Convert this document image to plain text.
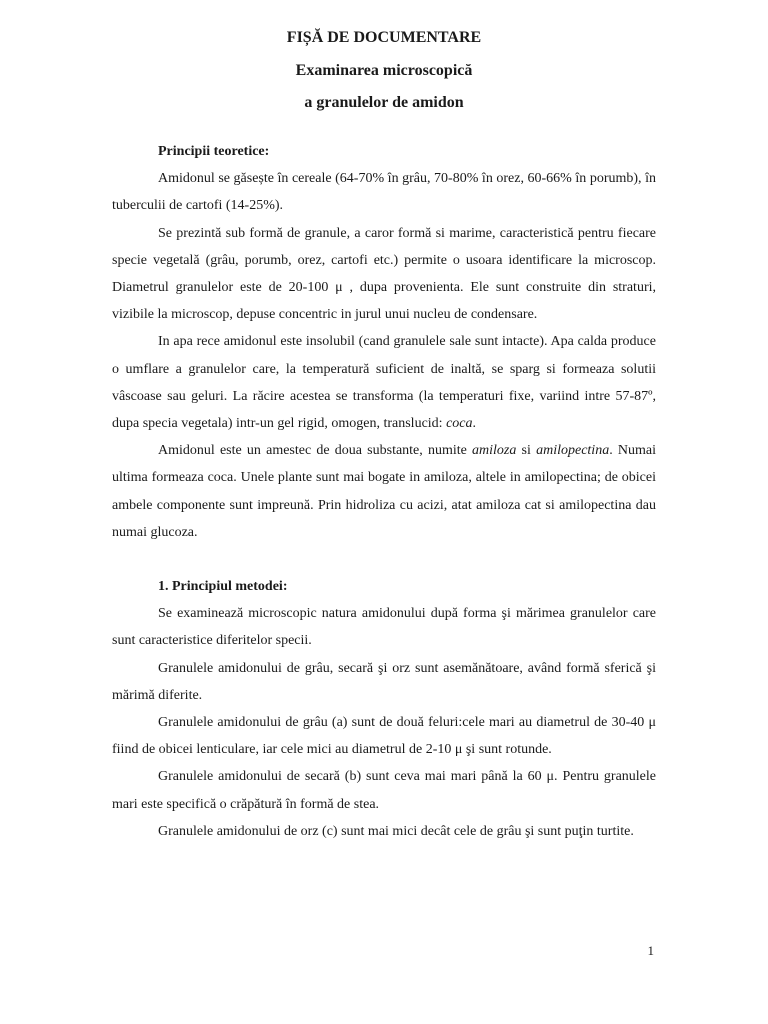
FIȘĂ DE DOCUMENTARE
Examinarea microscopică
a granulelor de amidon

Principii teoretice:

Amidonul se găsește în cereale (64-70% în grâu, 70-80% în orez, 60-66% în porumb), în tuberculii de cartofi (14-25%).

Se prezintă sub formă de granule, a caror formă si marime, caracteristică pentru fiecare specie vegetală (grâu, porumb, orez, cartofi etc.) permite o usoara identificare la microscop. Diametrul granulelor este de 20-100 μ , dupa provenienta. Ele sunt construite din straturi, vizibile la microscop, depuse concentric in jurul unui nucleu de condensare.

In apa rece amidonul este insolubil (cand granulele sale sunt intacte). Apa calda produce o umflare a granulelor care, la temperatură suficient de inaltă, se sparg si formeaza solutii vâscoase sau geluri. La răcire acestea se transforma (la temperaturi fixe, variind intre 57-87º, dupa specia vegetala) intr-un gel rigid, omogen, translucid: coca.

Amidonul este un amestec de doua substante, numite amiloza si amilopectina. Numai ultima formeaza coca. Unele plante sunt mai bogate in amiloza, altele in amilopectina; de obicei ambele componente sunt impreună. Prin hidroliza cu acizi, atat amiloza cat si amilopectina dau numai glucoza.

1. Principiul metodei:

Se examinează microscopic natura amidonului după forma şi mărimea granulelor care sunt caracteristice diferitelor specii.

Granulele amidonului de grâu, secară şi orz sunt asemănătoare, având formă sferică şi mărimă diferite.

Granulele amidonului de grâu (a) sunt de două feluri:cele mari au diametrul de 30-40 μ fiind de obicei lenticulare, iar cele mici au diametrul de 2-10 μ şi sunt rotunde.

Granulele amidonului de secară (b) sunt ceva mai mari până la 60 μ. Pentru granulele mari este specifică o crăpătură în formă de stea.

Granulele amidonului de orz (c) sunt mai mici decât cele de grâu şi sunt puţin turtite.

1
